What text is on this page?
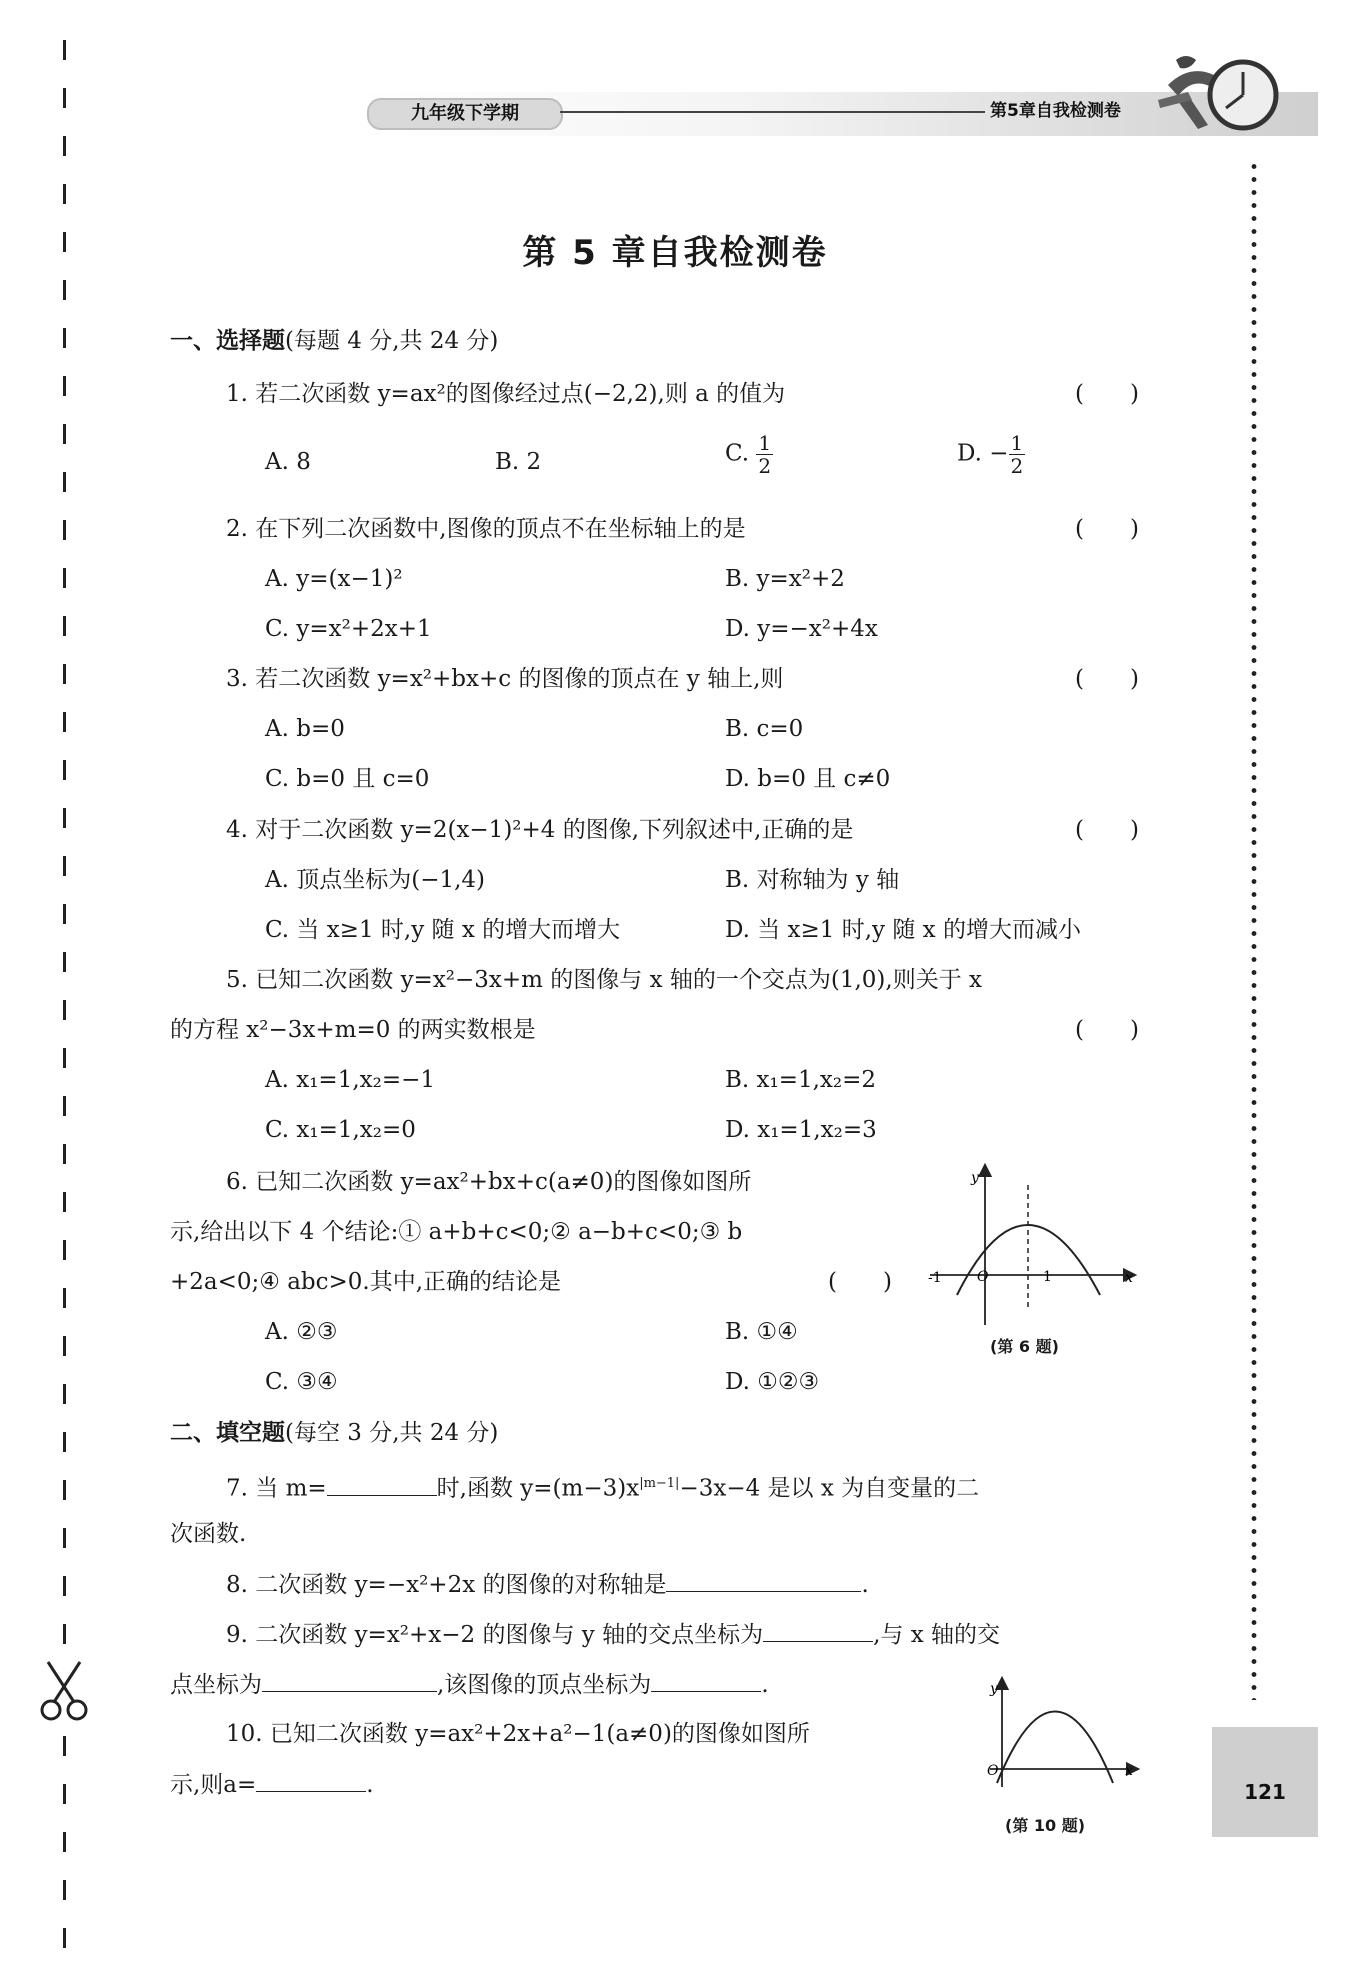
九年级下学期	第5章自我检测卷
121
第 5 章自我检测卷
一、选择题(每题 4 分,共 24 分)
1. 若二次函数 y=ax²的图像经过点(−2,2),则 a 的值为	(　　)
A. 8	B. 2	C. $\frac{1}{2}$	D. − $\frac{1}{2}$
2. 在下列二次函数中,图像的顶点不在坐标轴上的是	(　　)
A. y=(x−1)²	B. y=x²+2
C. y=x²+2x+1	D. y=−x²+4x
3. 若二次函数 y=x²+bx+c 的图像的顶点在 y 轴上,则	(　　)
A. b=0	B. c=0
C. b=0 且 c=0	D. b=0 且 c≠0
4. 对于二次函数 y=2(x−1)²+4 的图像,下列叙述中,正确的是	(　　)
A. 顶点坐标为(−1,4)	B. 对称轴为 y 轴
C. 当 x≥1 时,y 随 x 的增大而增大	D. 当 x≥1 时,y 随 x 的增大而减小
5. 已知二次函数 y=x²−3x+m 的图像与 x 轴的一个交点为(1,0),则关于 x
的方程 x²−3x+m=0 的两实数根是	(　　)
A. x₁=1,x₂=−1	B. x₁=1,x₂=2
C. x₁=1,x₂=0	D. x₁=1,x₂=3
6. 已知二次函数 y=ax²+bx+c(a≠0)的图像如图所
示,给出以下 4 个结论:① a+b+c<0;② a−b+c<0;③ b
+2a<0;④ abc>0.其中,正确的结论是	(　　)
A. ②③	B. ①④
C. ③④	D. ①②③
y
x
-1	O	1
(第 6 题)
二、填空题(每空 3 分,共 24 分)
7. 当 m=	时,函数 $y=(m-3)x^{|m-1|}-3x-4$ 是以 x 为自变量的二
次函数.
8. 二次函数 y=−x²+2x 的图像的对称轴是	.
9. 二次函数 y=x²+x−2 的图像与 y 轴的交点坐标为	,与 x 轴的交
点坐标为	,该图像的顶点坐标为	.
10. 已知二次函数 y=ax²+2x+a²−1(a≠0)的图像如图所
示,则a=	.
y
x
O
(第 10 题)
